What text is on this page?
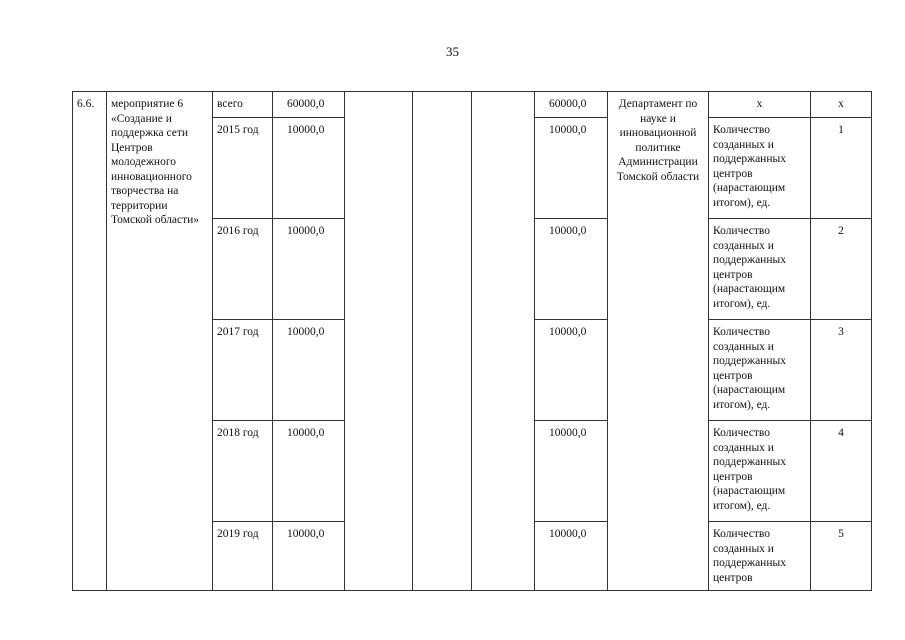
35
6.6.	мероприятие 6 «Создание и поддержка сети Центров молодежного инновационного творчества на территории Томской области»	всего	60000,0				60000,0	Департамент по науке и инновационной политике Администрации Томской области	х	х
		2015 год	10000,0				10000,0		Количество созданных и поддержанных центров (нарастающим итогом), ед.	1
		2016 год	10000,0				10000,0		Количество созданных и поддержанных центров (нарастающим итогом), ед.	2
		2017 год	10000,0				10000,0		Количество созданных и поддержанных центров (нарастающим итогом), ед.	3
		2018 год	10000,0				10000,0		Количество созданных и поддержанных центров (нарастающим итогом), ед.	4
		2019 год	10000,0				10000,0		Количество созданных и поддержанных центров	5
